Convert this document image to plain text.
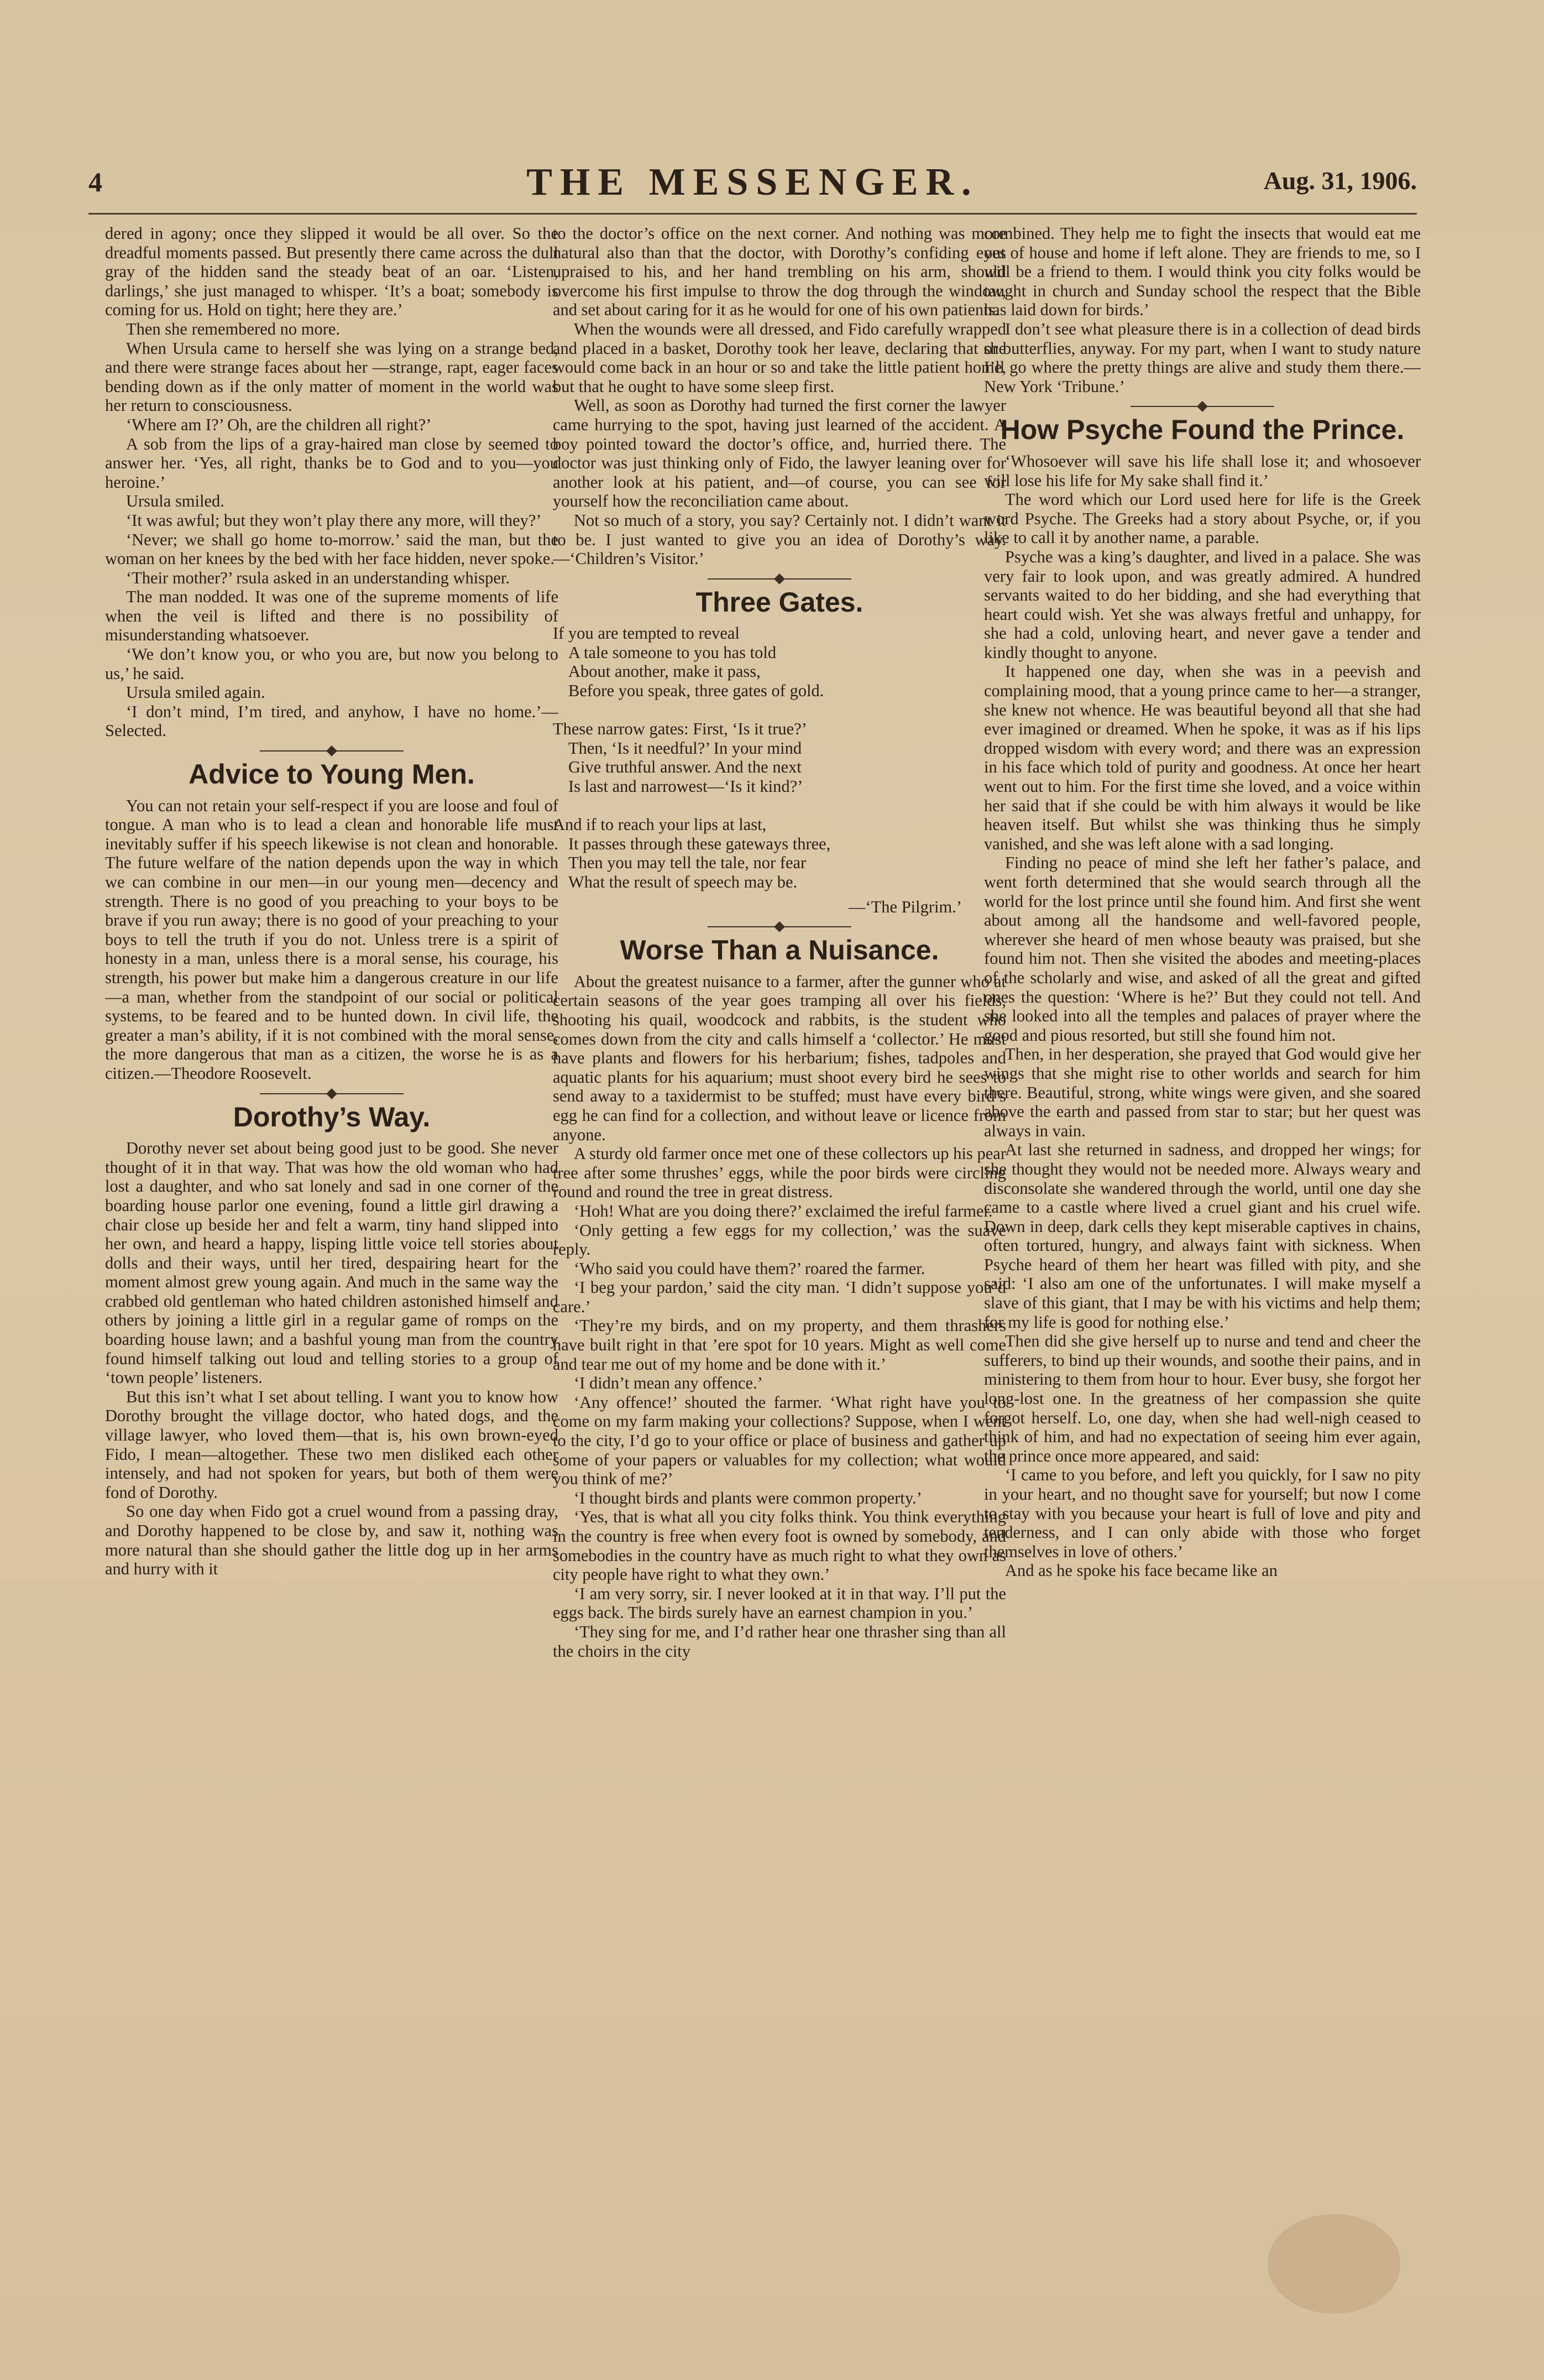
4	THE MESSENGER.	Aug. 31, 1906.

dered in agony; once they slipped it would be all over. So the dreadful moments passed. But presently there came across the dull gray of the hidden sand the steady beat of an oar. ‘Listen, darlings,’ she just managed to whisper. ‘It’s a boat; somebody is coming for us. Hold on tight; here they are.’

Then she remembered no more.

When Ursula came to herself she was lying on a strange bed, and there were strange faces about her —strange, rapt, eager faces bending down as if the only matter of moment in the world was her return to consciousness.

‘Where am I?’ Oh, are the children all right?’

A sob from the lips of a gray-haired man close by seemed to answer her. ‘Yes, all right, thanks be to God and to you—you heroine.’

Ursula smiled.

‘It was awful; but they won’t play there any more, will they?’

‘Never; we shall go home to-morrow.’ said the man, but the woman on her knees by the bed with her face hidden, never spoke.

‘Their mother?’ rsula asked in an understanding whisper.

The man nodded. It was one of the supreme moments of life when the veil is lifted and there is no possibility of misunderstanding whatsoever.

‘We don’t know you, or who you are, but now you belong to us,’ he said.

Ursula smiled again.

‘I don’t mind, I’m tired, and anyhow, I have no home.’—Selected.

Advice to Young Men.

You can not retain your self-respect if you are loose and foul of tongue. A man who is to lead a clean and honorable life must inevitably suffer if his speech likewise is not clean and honorable. The future welfare of the nation depends upon the way in which we can combine in our men—in our young men—decency and strength. There is no good of you preaching to your boys to be brave if you run away; there is no good of your preaching to your boys to tell the truth if you do not. Unless trere is a spirit of honesty in a man, unless there is a moral sense, his courage, his strength, his power but make him a dangerous creature in our life—a man, whether from the standpoint of our social or political systems, to be feared and to be hunted down. In civil life, the greater a man’s ability, if it is not combined with the moral sense, the more dangerous that man as a citizen, the worse he is as a citizen.—Theodore Roosevelt.

Dorothy’s Way.

Dorothy never set about being good just to be good. She never thought of it in that way. That was how the old woman who had lost a daughter, and who sat lonely and sad in one corner of the boarding house parlor one evening, found a little girl drawing a chair close up beside her and felt a warm, tiny hand slipped into her own, and heard a happy, lisping little voice tell stories about dolls and their ways, until her tired, despairing heart for the moment almost grew young again. And much in the same way the crabbed old gentleman who hated children astonished himself and others by joining a little girl in a regular game of romps on the boarding house lawn; and a bashful young man from the country found himself talking out loud and telling stories to a group of ‘town people’ listeners.

But this isn’t what I set about telling. I want you to know how Dorothy brought the village doctor, who hated dogs, and the village lawyer, who loved them—that is, his own brown-eyed Fido, I mean—altogether. These two men disliked each other intensely, and had not spoken for years, but both of them were fond of Dorothy.

So one day when Fido got a cruel wound from a passing dray, and Dorothy happened to be close by, and saw it, nothing was more natural than she should gather the little dog up in her arms and hurry with it

to the doctor’s office on the next corner. And nothing was more natural also than that the doctor, with Dorothy’s confiding eyes upraised to his, and her hand trembling on his arm, should overcome his first impulse to throw the dog through the window, and set about caring for it as he would for one of his own patients.

When the wounds were all dressed, and Fido carefully wrapped and placed in a basket, Dorothy took her leave, declaring that she would come back in an hour or so and take the little patient home, but that he ought to have some sleep first.

Well, as soon as Dorothy had turned the first corner the lawyer came hurrying to the spot, having just learned of the accident. A boy pointed toward the doctor’s office, and, hurried there. The doctor was just thinking only of Fido, the lawyer leaning over for another look at his patient, and—of course, you can see for yourself how the reconciliation came about.

Not so much of a story, you say? Certainly not. I didn’t want it to be. I just wanted to give you an idea of Dorothy’s way.—‘Children’s Visitor.’

Three Gates.
If you are tempted to reveal
A tale someone to you has told
About another, make it pass,
Before you speak, three gates of gold.

These narrow gates: First, ‘Is it true?’
Then, ‘Is it needful?’ In your mind
Give truthful answer. And the next
Is last and narrowest—‘Is it kind?’

And if to reach your lips at last,
It passes through these gateways three,
Then you may tell the tale, nor fear
What the result of speech may be.
—‘The Pilgrim.’
Worse Than a Nuisance.

About the greatest nuisance to a farmer, after the gunner who at certain seasons of the year goes tramping all over his fields, shooting his quail, woodcock and rabbits, is the student who comes down from the city and calls himself a ‘collector.’ He must have plants and flowers for his herbarium; fishes, tadpoles and aquatic plants for his aquarium; must shoot every bird he sees to send away to a taxidermist to be stuffed; must have every bird’s egg he can find for a collection, and without leave or licence from anyone.

A sturdy old farmer once met one of these collectors up his pear tree after some thrushes’ eggs, while the poor birds were circling round and round the tree in great distress.

‘Hoh! What are you doing there?’ exclaimed the ireful farmer.

‘Only getting a few eggs for my collection,’ was the suave reply.

‘Who said you could have them?’ roared the farmer.

‘I beg your pardon,’ said the city man. ‘I didn’t suppose you’d care.’

‘They’re my birds, and on my property, and them thrashers have built right in that ’ere spot for 10 years. Might as well come and tear me out of my home and be done with it.’

‘I didn’t mean any offence.’

‘Any offence!’ shouted the farmer. ‘What right have you to come on my farm making your collections? Suppose, when I went to the city, I’d go to your office or place of business and gather up some of your papers or valuables for my collection; what would you think of me?’

‘I thought birds and plants were common property.’

‘Yes, that is what all you city folks think. You think everything in the country is free when every foot is owned by somebody, and somebodies in the country have as much right to what they own as city people have right to what they own.’

‘I am very sorry, sir. I never looked at it in that way. I’ll put the eggs back. The birds surely have an earnest champion in you.’

‘They sing for me, and I’d rather hear one thrasher sing than all the choirs in the city

combined. They help me to fight the insects that would eat me out of house and home if left alone. They are friends to me, so I will be a friend to them. I would think you city folks would be taught in church and Sunday school the respect that the Bible has laid down for birds.’

I don’t see what pleasure there is in a collection of dead birds or butterflies, anyway. For my part, when I want to study nature I’ll go where the pretty things are alive and study them there.—New York ‘Tribune.’

How Psyche Found the Prince.

‘Whosoever will save his life shall lose it; and whosoever will lose his life for My sake shall find it.’

The word which our Lord used here for life is the Greek word Psyche. The Greeks had a story about Psyche, or, if you like to call it by another name, a parable.

Psyche was a king’s daughter, and lived in a palace. She was very fair to look upon, and was greatly admired. A hundred servants waited to do her bidding, and she had everything that heart could wish. Yet she was always fretful and unhappy, for she had a cold, unloving heart, and never gave a tender and kindly thought to anyone.

It happened one day, when she was in a peevish and complaining mood, that a young prince came to her—a stranger, she knew not whence. He was beautiful beyond all that she had ever imagined or dreamed. When he spoke, it was as if his lips dropped wisdom with every word; and there was an expression in his face which told of purity and goodness. At once her heart went out to him. For the first time she loved, and a voice within her said that if she could be with him always it would be like heaven itself. But whilst she was thinking thus he simply vanished, and she was left alone with a sad longing.

Finding no peace of mind she left her father’s palace, and went forth determined that she would search through all the world for the lost prince until she found him. And first she went about among all the handsome and well-favored people, wherever she heard of men whose beauty was praised, but she found him not. Then she visited the abodes and meeting-places of the scholarly and wise, and asked of all the great and gifted ones the question: ‘Where is he?’ But they could not tell. And she looked into all the temples and palaces of prayer where the good and pious resorted, but still she found him not.

Then, in her desperation, she prayed that God would give her wings that she might rise to other worlds and search for him there. Beautiful, strong, white wings were given, and she soared above the earth and passed from star to star; but her quest was always in vain.

At last she returned in sadness, and dropped her wings; for she thought they would not be needed more. Always weary and disconsolate she wandered through the world, until one day she came to a castle where lived a cruel giant and his cruel wife. Down in deep, dark cells they kept miserable captives in chains, often tortured, hungry, and always faint with sickness. When Psyche heard of them her heart was filled with pity, and she said: ‘I also am one of the unfortunates. I will make myself a slave of this giant, that I may be with his victims and help them; for my life is good for nothing else.’

Then did she give herself up to nurse and tend and cheer the sufferers, to bind up their wounds, and soothe their pains, and in ministering to them from hour to hour. Ever busy, she forgot her long-lost one. In the greatness of her compassion she quite forgot herself. Lo, one day, when she had well-nigh ceased to think of him, and had no expectation of seeing him ever again, the prince once more appeared, and said:

‘I came to you before, and left you quickly, for I saw no pity in your heart, and no thought save for yourself; but now I come to stay with you because your heart is full of love and pity and tenderness, and I can only abide with those who forget themselves in love of others.’

And as he spoke his face became like an
